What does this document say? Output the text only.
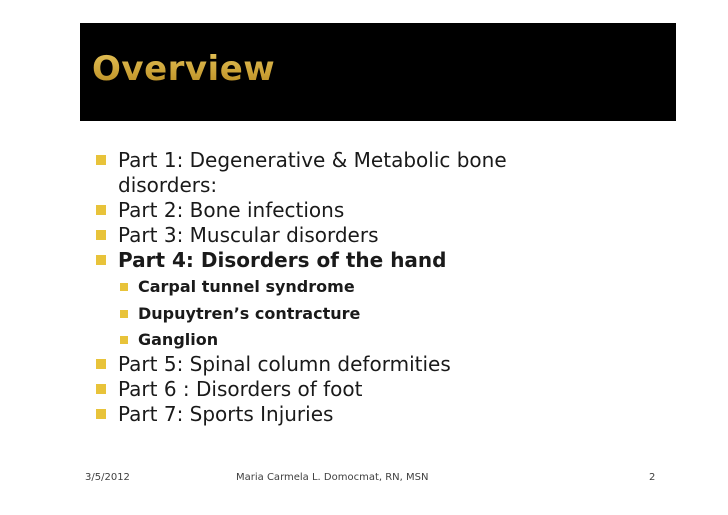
Overview
Part 1: Degenerative & Metabolic bone
disorders:
Part 2: Bone infections
Part 3: Muscular disorders
Part 4: Disorders of the hand
Carpal tunnel syndrome
Dupuytren’s contracture
Ganglion
Part 5: Spinal column deformities
Part 6 : Disorders of foot
Part 7: Sports Injuries
3/5/2012	Maria Carmela L. Domocmat, RN, MSN	2
